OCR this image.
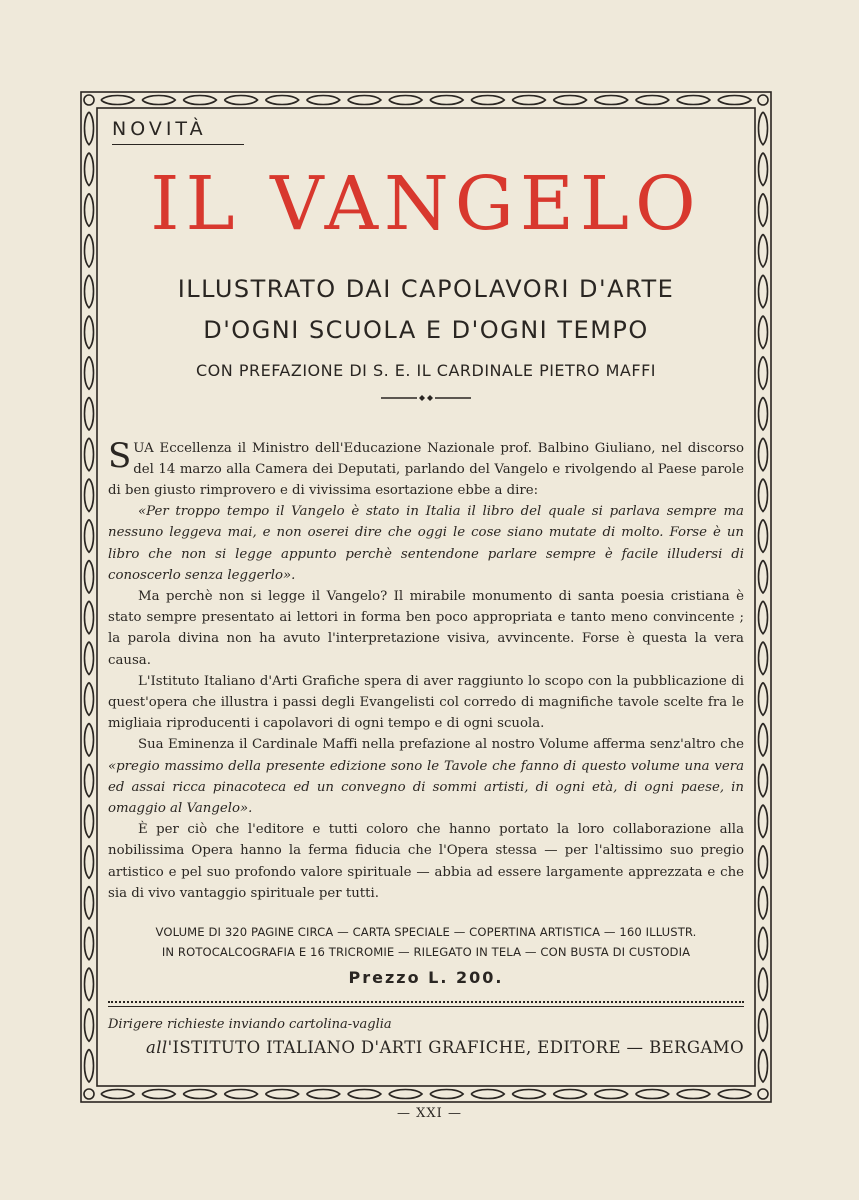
NOVITÀ
IL VANGELO
ILLUSTRATO DAI CAPOLAVORI D'ARTE
D'OGNI SCUOLA E D'OGNI TEMPO
CON PREFAZIONE DI S. E. IL CARDINALE PIETRO MAFFI

SUA Eccellenza il Ministro dell'Educazione Nazionale prof. Balbino Giuliano, nel discorso del 14 marzo alla Camera dei Deputati, parlando del Vangelo e rivolgendo al Paese parole di ben giusto rimprovero e di vivissima esortazione ebbe a dire:

«Per troppo tempo il Vangelo è stato in Italia il libro del quale si parlava sempre ma nessuno leggeva mai, e non oserei dire che oggi le cose siano mutate di molto. Forse è un libro che non si legge appunto perchè sentendone parlare sempre è facile illudersi di conoscerlo senza leggerlo».

Ma perchè non si legge il Vangelo? Il mirabile monumento di santa poesia cristiana è stato sempre presentato ai lettori in forma ben poco appropriata e tanto meno convincente ; la parola divina non ha avuto l'interpretazione visiva, avvincente. Forse è questa la vera causa.

L'Istituto Italiano d'Arti Grafiche spera di aver raggiunto lo scopo con la pubblicazione di quest'opera che illustra i passi degli Evangelisti col corredo di magnifiche tavole scelte fra le migliaia riproducenti i capolavori di ogni tempo e di ogni scuola.

Sua Eminenza il Cardinale Maffi nella prefazione al nostro Volume afferma senz'altro che «pregio massimo della presente edizione sono le Tavole che fanno di questo volume una vera ed assai ricca pinacoteca ed un convegno di sommi artisti, di ogni età, di ogni paese, in omaggio al Vangelo».

È per ciò che l'editore e tutti coloro che hanno portato la loro collaborazione alla nobilissima Opera hanno la ferma fiducia che l'Opera stessa — per l'altissimo suo pregio artistico e pel suo profondo valore spirituale — abbia ad essere largamente apprezzata e che sia di vivo vantaggio spirituale per tutti.

VOLUME DI 320 PAGINE CIRCA — CARTA SPECIALE — COPERTINA ARTISTICA — 160 ILLUSTR.
IN ROTOCALCOGRAFIA E 16 TRICROMIE — RILEGATO IN TELA — CON BUSTA DI CUSTODIA
Prezzo L. 200.
Dirigere richieste inviando cartolina-vaglia
all'ISTITUTO ITALIANO D'ARTI GRAFICHE, EDITORE — BERGAMO
— XXI —
